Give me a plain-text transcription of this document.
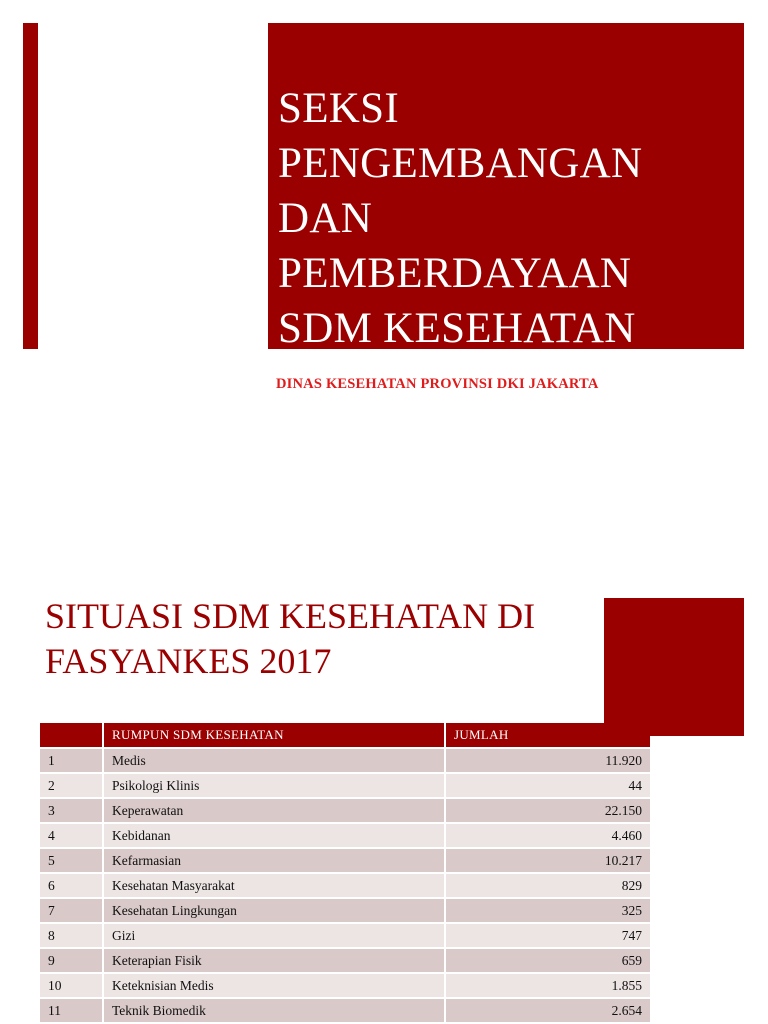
SEKSI
PENGEMBANGAN
DAN
PEMBERDAYAAN
SDM KESEHATAN
DINAS KESEHATAN PROVINSI DKI JAKARTA
SITUASI SDM KESEHATAN DI
FASYANKES 2017
	RUMPUN SDM KESEHATAN	JUMLAH
1	Medis	11.920
2	Psikologi Klinis	44
3	Keperawatan	22.150
4	Kebidanan	4.460
5	Kefarmasian	10.217
6	Kesehatan Masyarakat	829
7	Kesehatan Lingkungan	325
8	Gizi	747
9	Keterapian Fisik	659
10	Keteknisian Medis	1.855
11	Teknik Biomedik	2.654
